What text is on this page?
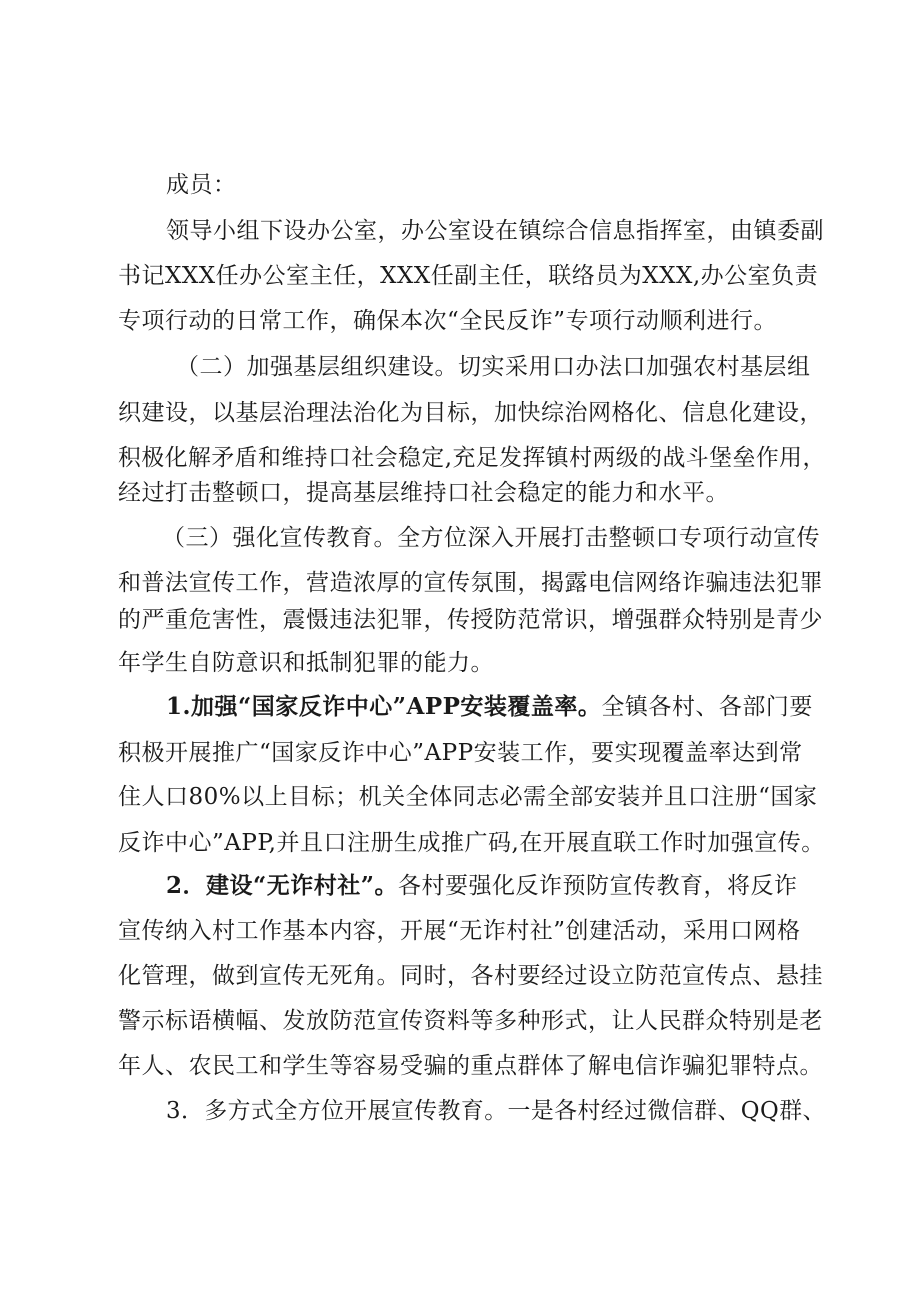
成员：
领导小组下设办公室，办公室设在镇综合信息指挥室，由镇委副
书记XXX任办公室主任，XXX任副主任，联络员为XXX,办公室负责
专项行动的日常工作，确保本次“全民反诈”专项行动顺利进行。
（二）加强基层组织建设。切实采用口办法口加强农村基层组
织建设，以基层治理法治化为目标，加快综治网格化、信息化建设，
积极化解矛盾和维持口社会稳定,充足发挥镇村两级的战斗堡垒作用，
经过打击整顿口，提高基层维持口社会稳定的能力和水平。
（三）强化宣传教育。全方位深入开展打击整顿口专项行动宣传
和普法宣传工作，营造浓厚的宣传氛围，揭露电信网络诈骗违法犯罪
的严重危害性，震慑违法犯罪，传授防范常识，增强群众特别是青少
年学生自防意识和抵制犯罪的能力。
1.加强“国家反诈中心”APP安装覆盖率。全镇各村、各部门要
积极开展推广“国家反诈中心”APP安装工作，要实现覆盖率达到常
住人口80%以上目标；机关全体同志必需全部安装并且口注册“国家
反诈中心”APP,并且口注册生成推广码,在开展直联工作时加强宣传。
2．建设“无诈村社”。各村要强化反诈预防宣传教育，将反诈
宣传纳入村工作基本内容，开展“无诈村社”创建活动，采用口网格
化管理，做到宣传无死角。同时，各村要经过设立防范宣传点、悬挂
警示标语横幅、发放防范宣传资料等多种形式，让人民群众特别是老
年人、农民工和学生等容易受骗的重点群体了解电信诈骗犯罪特点。
3．多方式全方位开展宣传教育。一是各村经过微信群、QQ群、
